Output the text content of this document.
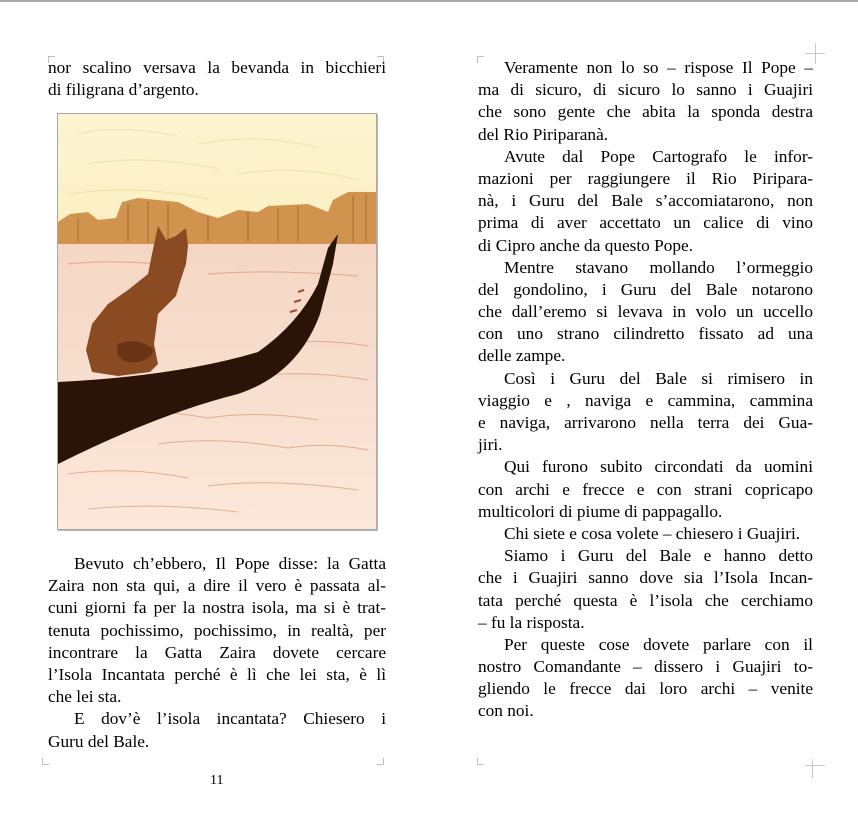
nor scalino versava la bevanda in bicchieri
di filigrana d’argento.
Bevuto ch’ebbero, Il Pope disse: la Gatta
Zaira non sta qui, a dire il vero è passata al-
cuni giorni fa per la nostra isola, ma si è trat-
tenuta pochissimo, pochissimo, in realtà, per
incontrare la Gatta Zaira dovete cercare
l’Isola Incantata perché è lì che lei sta, è lì
che lei sta.
E dov’è l’isola incantata? Chiesero i
Guru del Bale.
11
Veramente non lo so – rispose Il Pope –
ma di sicuro, di sicuro lo sanno i Guajiri
che sono gente che abita la sponda destra
del Rio Piriparanà.
Avute dal Pope Cartografo le infor-
mazioni per raggiungere il Rio Piripara-
nà, i Guru del Bale s’accomiatarono, non
prima di aver accettato un calice di vino
di Cipro anche da questo Pope.
Mentre stavano mollando l’ormeggio
del gondolino, i Guru del Bale notarono
che dall’eremo si levava in volo un uccello
con uno strano cilindretto fissato ad una
delle zampe.
Così i Guru del Bale si rimisero in
viaggio e , naviga e cammina, cammina
e naviga, arrivarono nella terra dei Gua-
jiri.
Qui furono subito circondati da uomini
con archi e frecce e con strani copricapo
multicolori di piume di pappagallo.
Chi siete e cosa volete – chiesero i Guajiri.
Siamo i Guru del Bale e hanno detto
che i Guajiri sanno dove sia l’Isola Incan-
tata perché questa è l’isola che cerchiamo
– fu la risposta.
Per queste cose dovete parlare con il
nostro Comandante – dissero i Guajiri to-
gliendo le frecce dai loro archi – venite
con noi.
